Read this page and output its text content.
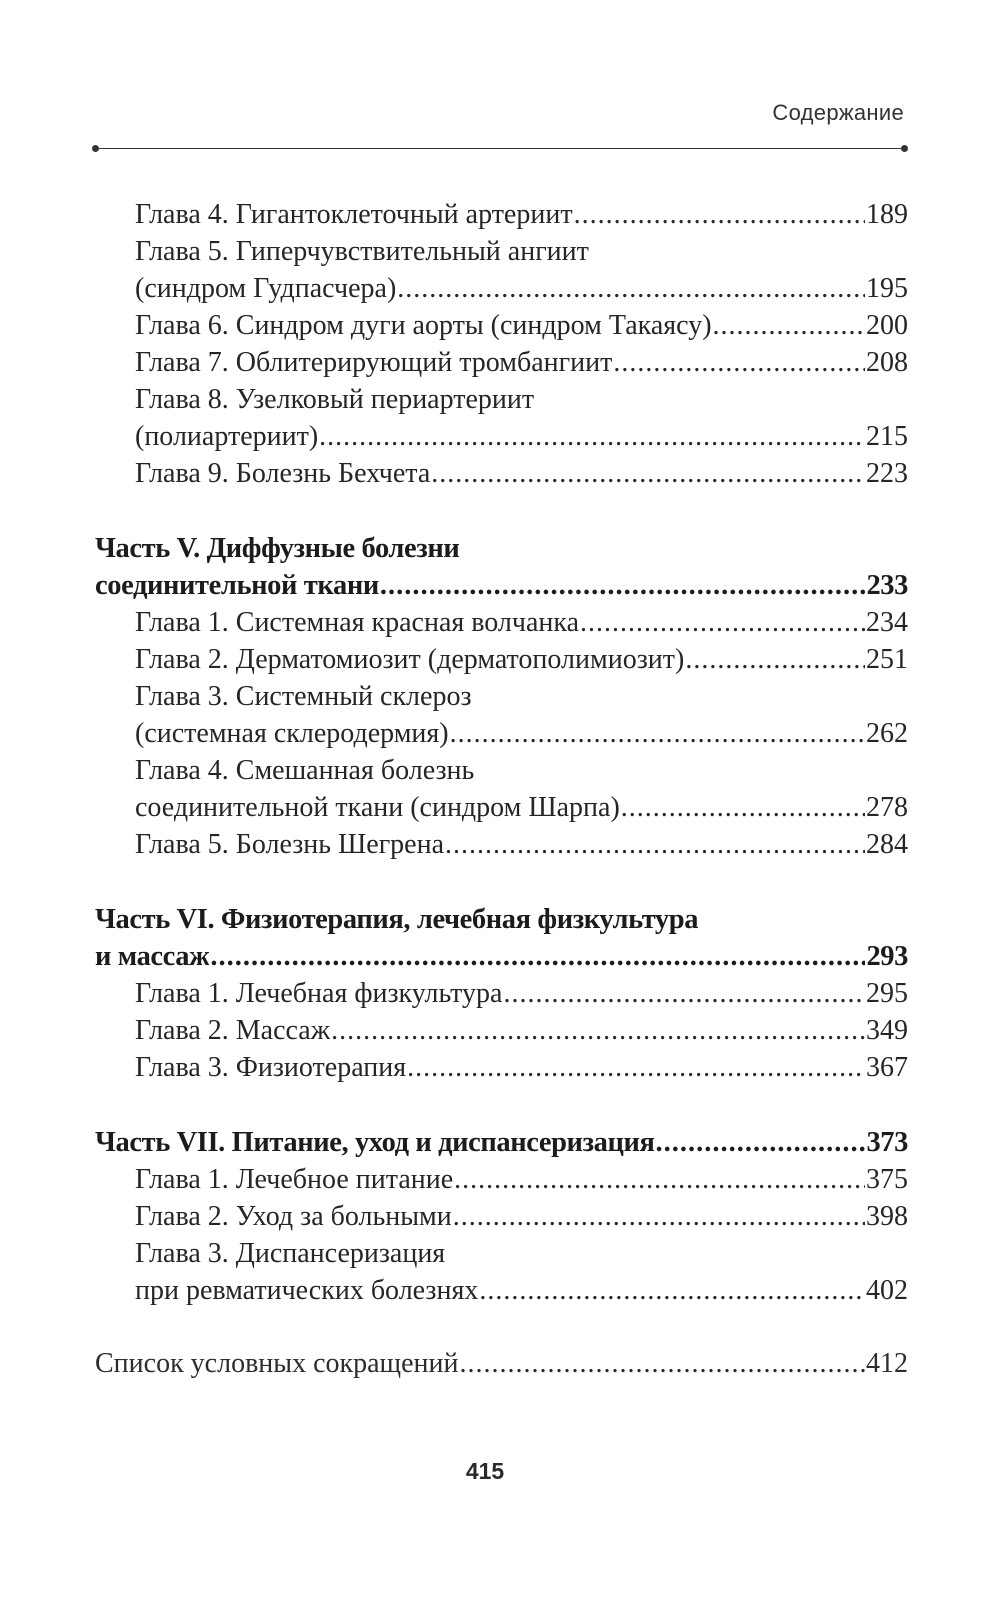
Содержание
Глава 4. Гигантоклеточный артериит .....	189
Глава 5. Гиперчувствительный ангиит
(синдром Гудпасчера) .....	195
Глава 6. Синдром дуги аорты (синдром Такаясу) .....	200
Глава 7. Облитерирующий тромбангиит .....	208
Глава 8. Узелковый периартериит
(полиартериит) .....	215
Глава 9. Болезнь Бехчета .....	223
Часть V. Диффузные болезни
соединительной ткани .....	233
Глава 1. Системная красная волчанка .....	234
Глава 2. Дерматомиозит (дерматополимиозит) .....	251
Глава 3. Системный склероз
(системная склеродермия) .....	262
Глава 4. Смешанная болезнь
соединительной ткани (синдром Шарпа) .....	278
Глава 5. Болезнь Шегрена .....	284
Часть VI. Физиотерапия, лечебная физкультура
и массаж .....	293
Глава 1. Лечебная физкультура .....	295
Глава 2. Массаж .....	349
Глава 3. Физиотерапия .....	367
Часть VII. Питание, уход и диспансеризация .....	373
Глава 1. Лечебное питание .....	375
Глава 2. Уход за больными .....	398
Глава 3. Диспансеризация
при ревматических болезнях .....	402
Список условных сокращений .....	412
415
